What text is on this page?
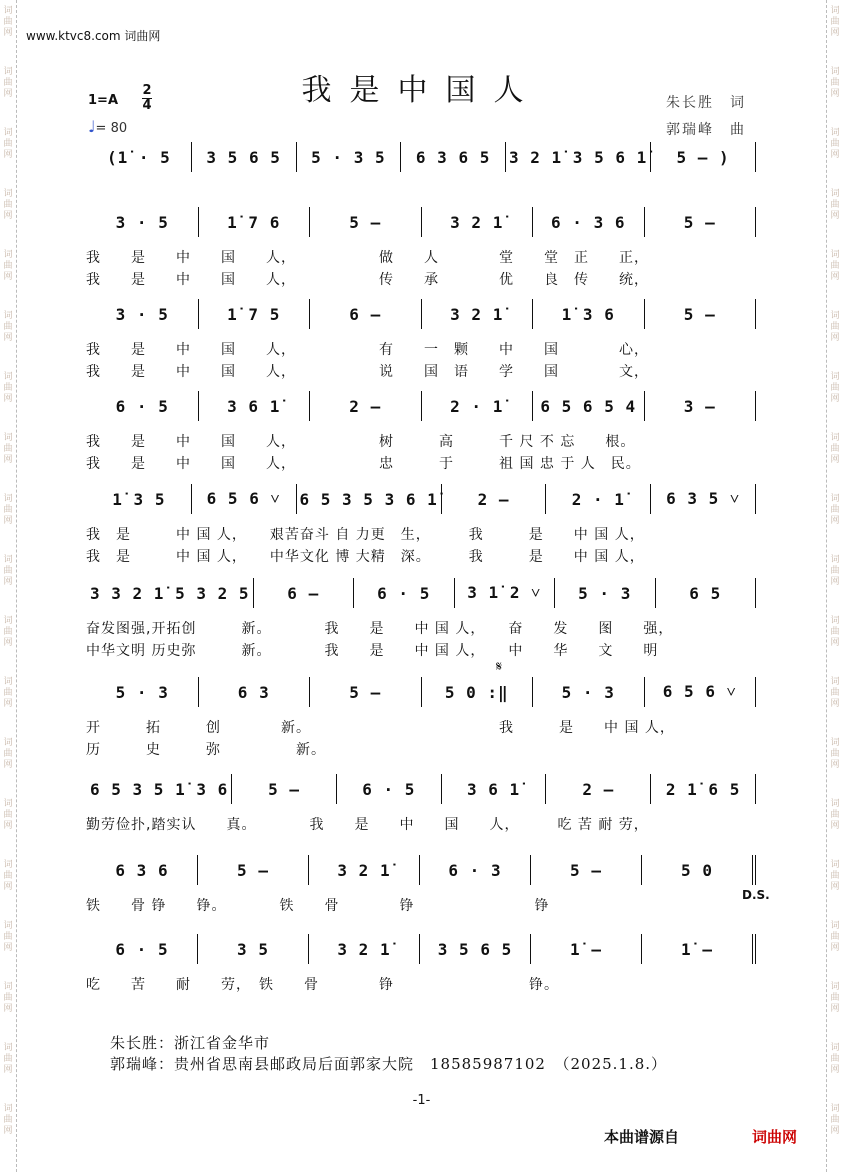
词曲网
词曲网
词曲网
词曲网
词曲网
词曲网
词曲网
词曲网
词曲网
词曲网
词曲网
词曲网
词曲网
词曲网
词曲网
词曲网
词曲网
词曲网
词曲网
词曲网
词曲网
词曲网
词曲网
词曲网
词曲网
词曲网
词曲网
词曲网
词曲网
词曲网
词曲网
词曲网
词曲网
词曲网
词曲网
词曲网
词曲网
词曲网
www.ktvc8.com 词曲网
我是中国人
1=A
2
4
♩= 80
朱长胜　词
郭瑞峰　曲
(1̇ · 5	3 5 6 5	5 · 3 5	6 3 6 5	3 2 1̇ 3 5 6 1̇	5 — )
3 · 5	1̇ 7 6	5 —	3 2 1̇	6 · 3 6	5 —
我　　是　　中　　国　　人，　　　　　　做　　人　　　　堂　　堂　正　　正，
我　　是　　中　　国　　人，　　　　　　传　　承　　　　优　　良　传　　统，
3 · 5	1̇ 7 5	6 —	3 2 1̇	1̇ 3 6	5 —
我　　是　　中　　国　　人，　　　　　　有　　一　颗　　中　　国　　　　心，
我　　是　　中　　国　　人，　　　　　　说　　国　语　　学　　国　　　　文，
6 · 5	3 6 1̇	2 —	2 · 1̇	6 5 6 5 4	3 —
我　　是　　中　　国　　人，　　　　　　树　　　高　　　千 尺 不 忘　　根。
我　　是　　中　　国　　人，　　　　　　忠　　　于　　　祖 国 忠 于 人　民。
1̇ 3 5	6 5 6 ˅	6 5 3 5 3 6 1̇	2 —	2 · 1̇	6 3 5 ˅
我　是　　　中 国 人，　　艰苦奋斗 自 力更　生，　　　我　　　是　　中 国 人，
我　是　　　中 国 人，　　中华文化 博 大精　深。　　　我　　　是　　中 国 人，
3 3 2 1̇ 5 3 2 5	6 —	6 · 5	3 1̇ 2 ˅	5 · 3	6 5
奋发图强,开拓创　　　新。　　　　我　　是　　中 国 人，　　奋　　发　　图　　强，
中华文明 历史弥　　　新。　　　　我　　是　　中 国 人，　　中　　华　　文　　明
5 · 3	6 3	5 —	5 0 :‖	5 · 3	6 5 6 ˅
开　　　拓　　　创　　　　新。　　　　　　　　　　　　　我　　　是　　中 国 人，
历　　　史　　　弥　　　　　新。
6 5 3 5 1̇ 3 6	5 —	6 · 5	3 6 1̇	2 —	2 1̇ 6 5
勤劳俭扑,踏实认　　真。　　　　我　　是　　中　　国　　人，　　　吃 苦 耐 劳，
6 3 6	5 —	3 2 1̇	6 · 3	5 —	5 0
铁　　骨 铮　　铮。　　　　铁　　骨　　　　铮　　　　　　　　铮
6 · 5	3 5	3 2 1̇	3 5 6 5	1̇ —	1̇ —
吃　　苦　　耐　　劳，　铁　　骨　　　　铮　　　　　　　　　铮。
D.S.
𝄋
朱长胜：浙江省金华市
郭瑞峰：贵州省思南县邮政局后面郭家大院　18585987102　（2025.1.8.）
-1-
本曲谱源自	词曲网
